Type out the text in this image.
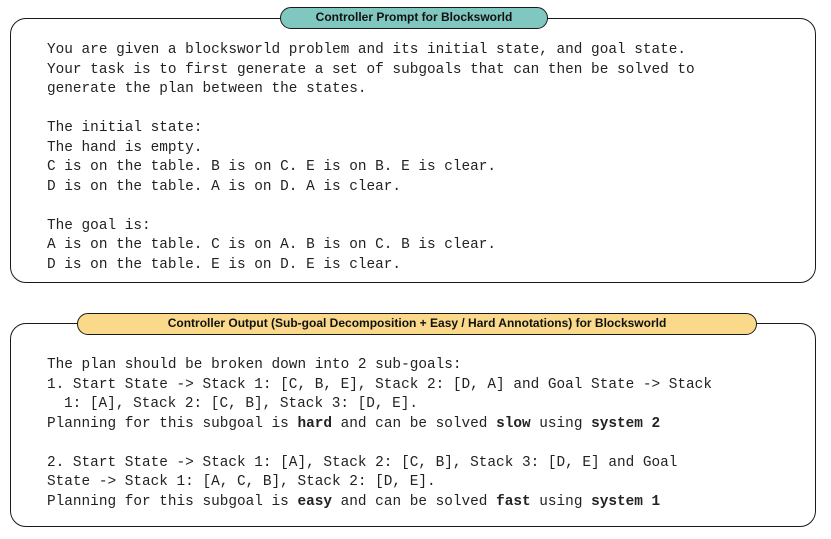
Controller Prompt for Blocksworld
You are given a blocksworld problem and its initial state, and goal state.
Your task is to first generate a set of subgoals that can then be solved to
generate the plan between the states.
The initial state:
The hand is empty.
C is on the table. B is on C. E is on B. E is clear.
D is on the table. A is on D. A is clear.
The goal is:
A is on the table. C is on A. B is on C. B is clear.
D is on the table. E is on D. E is clear.
Controller Output (Sub-goal Decomposition + Easy / Hard Annotations) for Blocksworld
The plan should be broken down into 2 sub-goals:
1. Start State -> Stack 1: [C, B, E], Stack 2: [D, A] and Goal State -> Stack
1: [A], Stack 2: [C, B], Stack 3: [D, E].
Planning for this subgoal is hard and can be solved slow using system 2
2. Start State -> Stack 1: [A], Stack 2: [C, B], Stack 3: [D, E] and Goal
State -> Stack 1: [A, C, B], Stack 2: [D, E].
Planning for this subgoal is easy and can be solved fast using system 1
